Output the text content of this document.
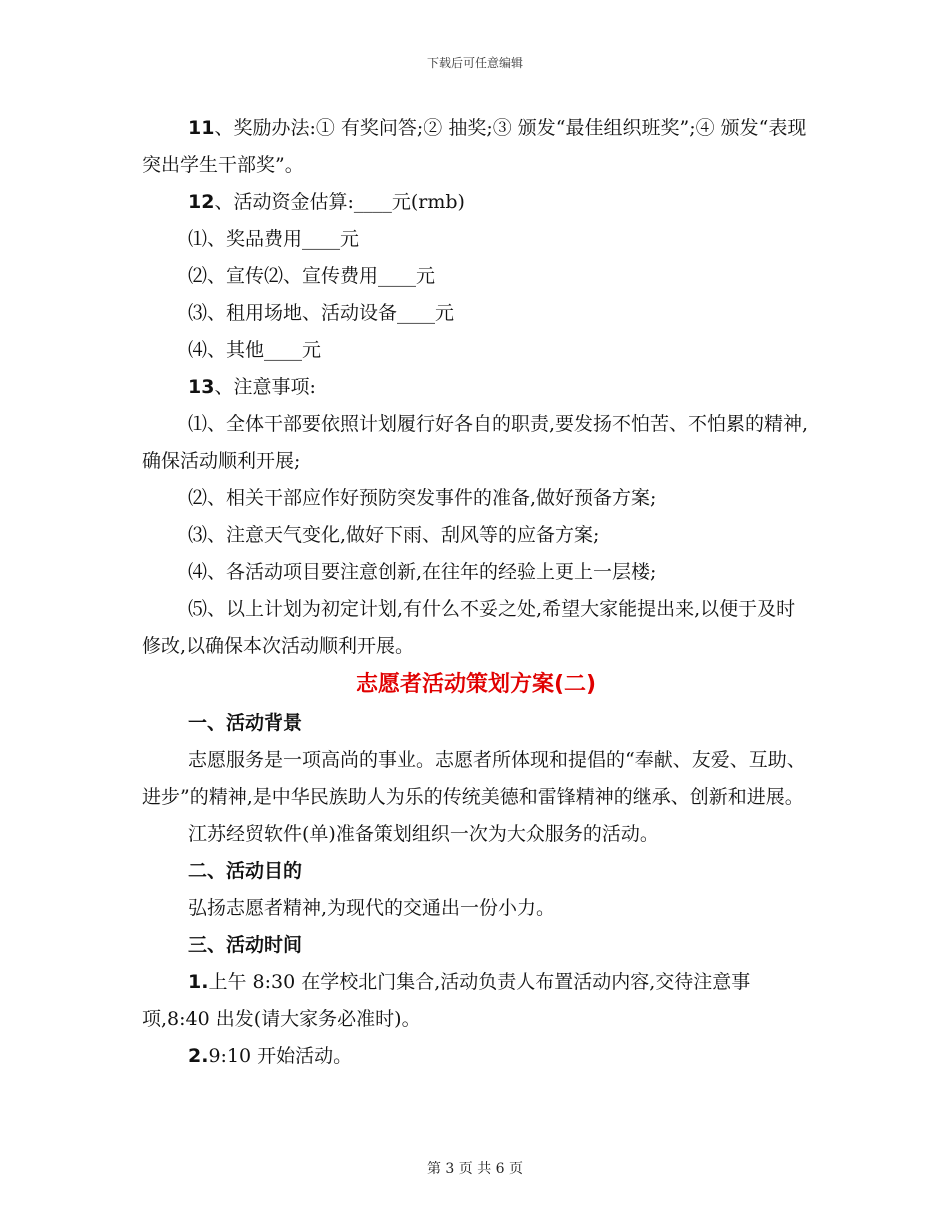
下载后可任意编辑

11、奖励办法:① 有奖问答;② 抽奖;③ 颁发“最佳组织班奖”;④ 颁发“表现突出学生干部奖”。

12、活动资金估算:____元(rmb)

⑴、奖品费用____元

⑵、宣传⑵、宣传费用____元

⑶、租用场地、活动设备____元

⑷、其他____元

13、注意事项:

⑴、全体干部要依照计划履行好各自的职责,要发扬不怕苦、不怕累的精神,确保活动顺利开展;

⑵、相关干部应作好预防突发事件的准备,做好预备方案;

⑶、注意天气变化,做好下雨、刮风等的应备方案;

⑷、各活动项目要注意创新,在往年的经验上更上一层楼;

⑸、以上计划为初定计划,有什么不妥之处,希望大家能提出来,以便于及时修改,以确保本次活动顺利开展。

志愿者活动策划方案(二)

一、活动背景

志愿服务是一项高尚的事业。志愿者所体现和提倡的“奉献、友爱、互助、进步”的精神,是中华民族助人为乐的传统美德和雷锋精神的继承、创新和进展。

江苏经贸软件(单)准备策划组织一次为大众服务的活动。

二、活动目的

弘扬志愿者精神,为现代的交通出一份小力。

三、活动时间

1.上午 8:30 在学校北门集合,活动负责人布置活动内容,交待注意事项,8:40 出发(请大家务必准时)。

2.9:10 开始活动。

第 3 页 共 6 页
